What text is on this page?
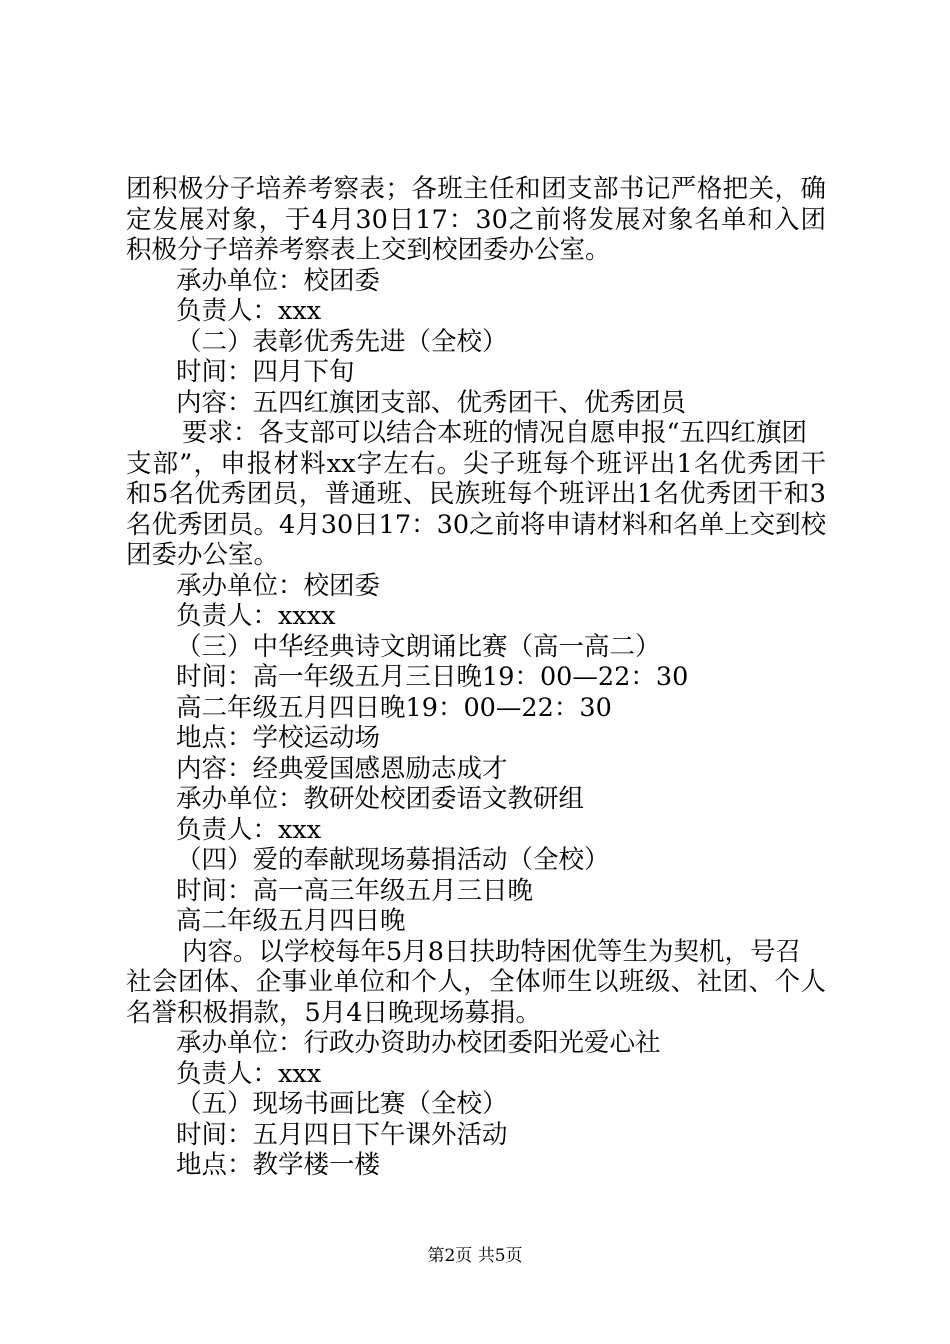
团积极分子培养考察表；各班主任和团支部书记严格把关，确
定发展对象，于4月30日17：30之前将发展对象名单和入团
积极分子培养考察表上交到校团委办公室。
承办单位：校团委
负责人：xxx
（二）表彰优秀先进（全校）
时间：四月下旬
内容：五四红旗团支部、优秀团干、优秀团员
要求：各支部可以结合本班的情况自愿申报“五四红旗团
支部”，申报材料xx字左右。尖子班每个班评出1名优秀团干
和5名优秀团员，普通班、民族班每个班评出1名优秀团干和3
名优秀团员。4月30日17：30之前将申请材料和名单上交到校
团委办公室。
承办单位：校团委
负责人：xxxx
（三）中华经典诗文朗诵比赛（高一高二）
时间：高一年级五月三日晚19：00—22：30
高二年级五月四日晚19：00—22：30
地点：学校运动场
内容：经典爱国感恩励志成才
承办单位：教研处校团委语文教研组
负责人：xxx
（四）爱的奉献现场募捐活动（全校）
时间：高一高三年级五月三日晚
高二年级五月四日晚
内容。以学校每年5月8日扶助特困优等生为契机，号召
社会团体、企事业单位和个人，全体师生以班级、社团、个人
名誉积极捐款，5月4日晚现场募捐。
承办单位：行政办资助办校团委阳光爱心社
负责人：xxx
（五）现场书画比赛（全校）
时间：五月四日下午课外活动
地点：教学楼一楼
第2页 共5页
